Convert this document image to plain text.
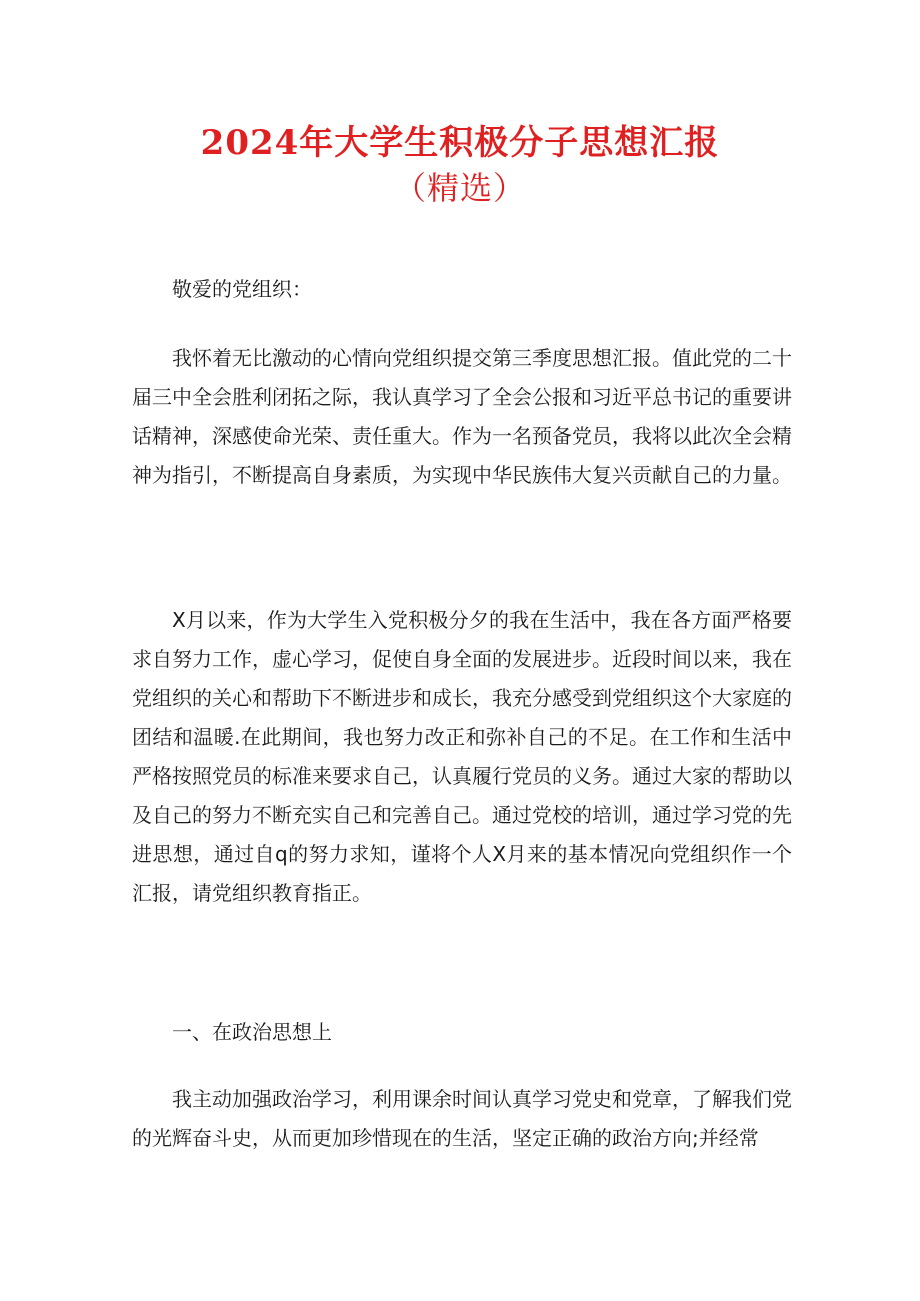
2024年大学生积极分子思想汇报
（精选）

敬爱的党组织：

我怀着无比激动的心情向党组织提交第三季度思想汇报。值此党的二十届三中全会胜利闭拓之际，我认真学习了全会公报和习近平总书记的重要讲话精神，深感使命光荣、责任重大。作为一名预备党员，我将以此次全会精神为指引，不断提高自身素质，为实现中华民族伟大复兴贡献自己的力量。

X月以来，作为大学生入党积极分夕的我在生活中，我在各方面严格要求自努力工作，虚心学习，促使自身全面的发展进步。近段时间以来，我在党组织的关心和帮助下不断进步和成长，我充分感受到党组织这个大家庭的团结和温暖.在此期间，我也努力改正和弥补自己的不足。在工作和生活中严格按照党员的标准来要求自己，认真履行党员的义务。通过大家的帮助以及自己的努力不断充实自己和完善自己。通过党校的培训，通过学习党的先进思想，通过自q的努力求知，谨将个人X月来的基本情况向党组织作一个汇报，请党组织教育指正。

一、在政治思想上

我主动加强政治学习，利用课余时间认真学习党史和党章，了解我们党的光辉奋斗史，从而更加珍惜现在的生活，坚定正确的政治方向;并经常
